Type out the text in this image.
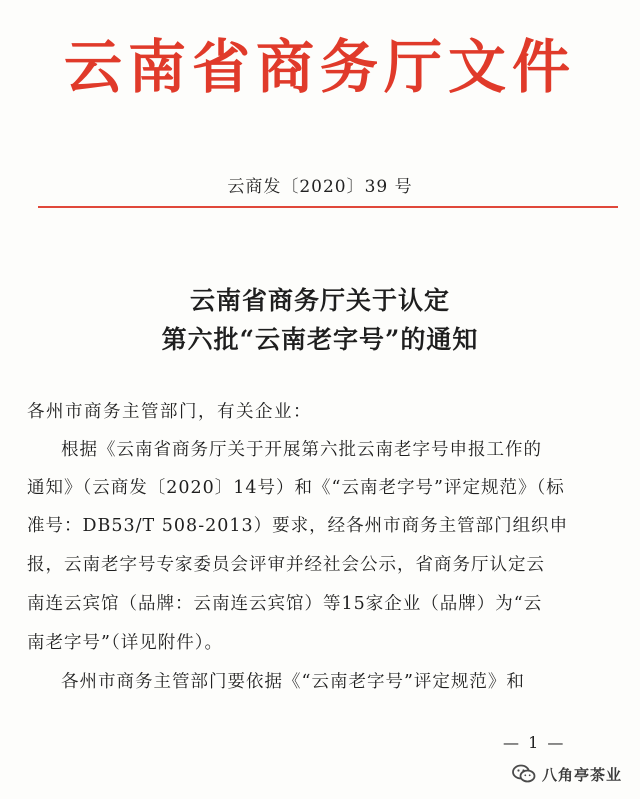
云南省商务厅文件
云商发〔2020〕39 号
云南省商务厅关于认定
第六批“云南老字号”的通知
各州市商务主管部门，有关企业：
根据《云南省商务厅关于开展第六批云南老字号申报工作的
通知》（云商发〔2020〕14号）和《“云南老字号”评定规范》（标
准号：DB53/T 508-2013）要求，经各州市商务主管部门组织申
报，云南老字号专家委员会评审并经社会公示，省商务厅认定云
南连云宾馆（品牌：云南连云宾馆）等15家企业（品牌）为“云
南老字号”（详见附件）。
各州市商务主管部门要依据《“云南老字号”评定规范》和
— 1 —
八角亭茶业
